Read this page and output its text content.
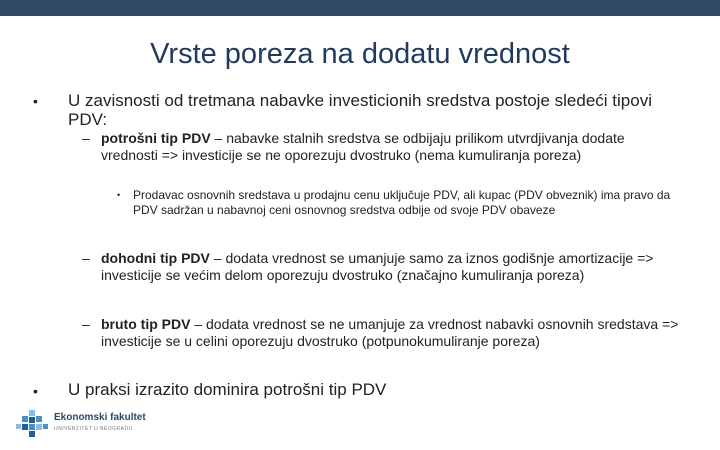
Vrste poreza na dodatu vrednost
• U zavisnosti od tretmana nabavke investicionih sredstva postoje sledeći tipovi PDV:
– potrošni tip PDV – nabavke stalnih sredstva se odbijaju prilikom utvrdjivanja dodate vrednosti => investicije se ne oporezuju dvostruko (nema kumuliranja poreza)
• Prodavac osnovnih sredstava u prodajnu cenu uključuje PDV, ali kupac (PDV obveznik) ima pravo da PDV sadržan u nabavnoj ceni osnovnog sredstva odbije od svoje PDV obaveze
– dohodni tip PDV – dodata vrednost se umanjuje samo za iznos godišnje amortizacije => investicije se većim delom oporezuju dvostruko (značajno kumuliranja poreza)
– bruto tip PDV – dodata vrednost se ne umanjuje za vrednost nabavki osnovnih sredstava => investicije se u celini oporezuju dvostruko (potpunokumuliranje poreza)
• U praksi izrazito dominira potrošni tip PDV
Ekonomski fakultet
UNIVERZITET U BEOGRADU
